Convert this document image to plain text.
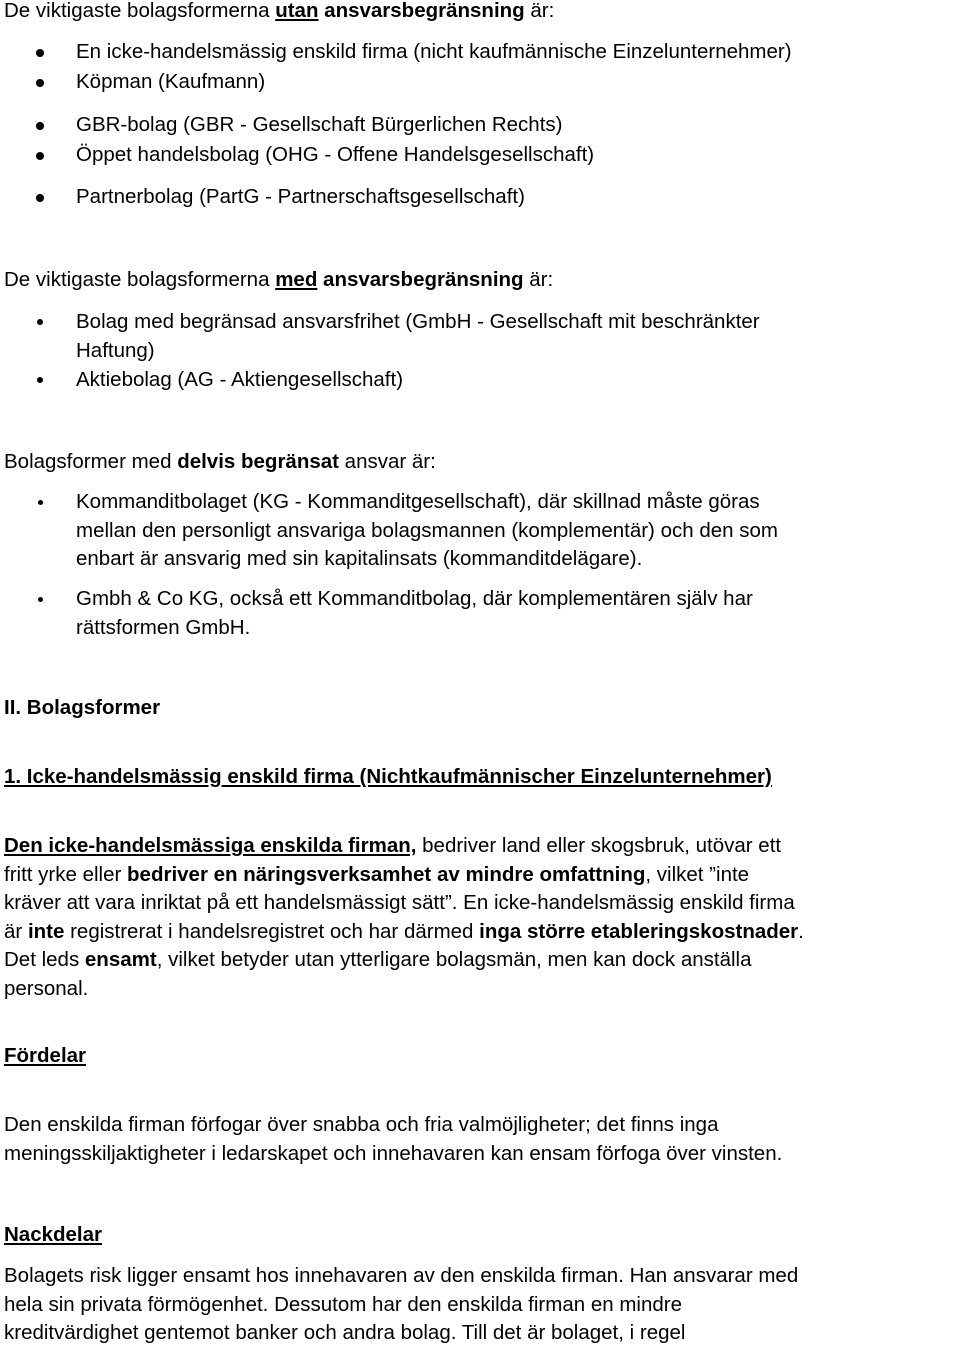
De viktigaste bolagsformerna utan ansvarsbegränsning är:

En icke-handelsmässig enskild firma (nicht kaufmännische Einzelunternehmer)
Köpman (Kaufmann)
GBR-bolag (GBR - Gesellschaft Bürgerlichen Rechts)
Öppet handelsbolag (OHG - Offene Handelsgesellschaft)
Partnerbolag (PartG - Partnerschaftsgesellschaft)

De viktigaste bolagsformerna med ansvarsbegränsning är:

Bolag med begränsad ansvarsfrihet (GmbH - Gesellschaft mit beschränkter
Haftung)
Aktiebolag (AG - Aktiengesellschaft)

Bolagsformer med delvis begränsat ansvar är:

Kommanditbolaget (KG - Kommanditgesellschaft), där skillnad måste göras
mellan den personligt ansvariga bolagsmannen (komplementär) och den som
enbart är ansvarig med sin kapitalinsats (kommanditdelägare).
Gmbh & Co KG, också ett Kommanditbolag, där komplementären själv har
rättsformen GmbH.

II. Bolagsformer

1. Icke-handelsmässig enskild firma (Nichtkaufmännischer Einzelunternehmer)

Den icke-handelsmässiga enskilda firman, bedriver land eller skogsbruk, utövar ett
fritt yrke eller bedriver en näringsverksamhet av mindre omfattning, vilket ”inte
kräver att vara inriktat på ett handelsmässigt sätt”. En icke-handelsmässig enskild firma
är inte registrerat i handelsregistret och har därmed inga större etableringskostnader.
Det leds ensamt, vilket betyder utan ytterligare bolagsmän, men kan dock anställa
personal.

Fördelar

Den enskilda firman förfogar över snabba och fria valmöjligheter; det finns inga
meningsskiljaktigheter i ledarskapet och innehavaren kan ensam förfoga över vinsten.

Nackdelar

Bolagets risk ligger ensamt hos innehavaren av den enskilda firman. Han ansvarar med
hela sin privata förmögenhet. Dessutom har den enskilda firman en mindre
kreditvärdighet gentemot banker och andra bolag. Till det är bolaget, i regel
